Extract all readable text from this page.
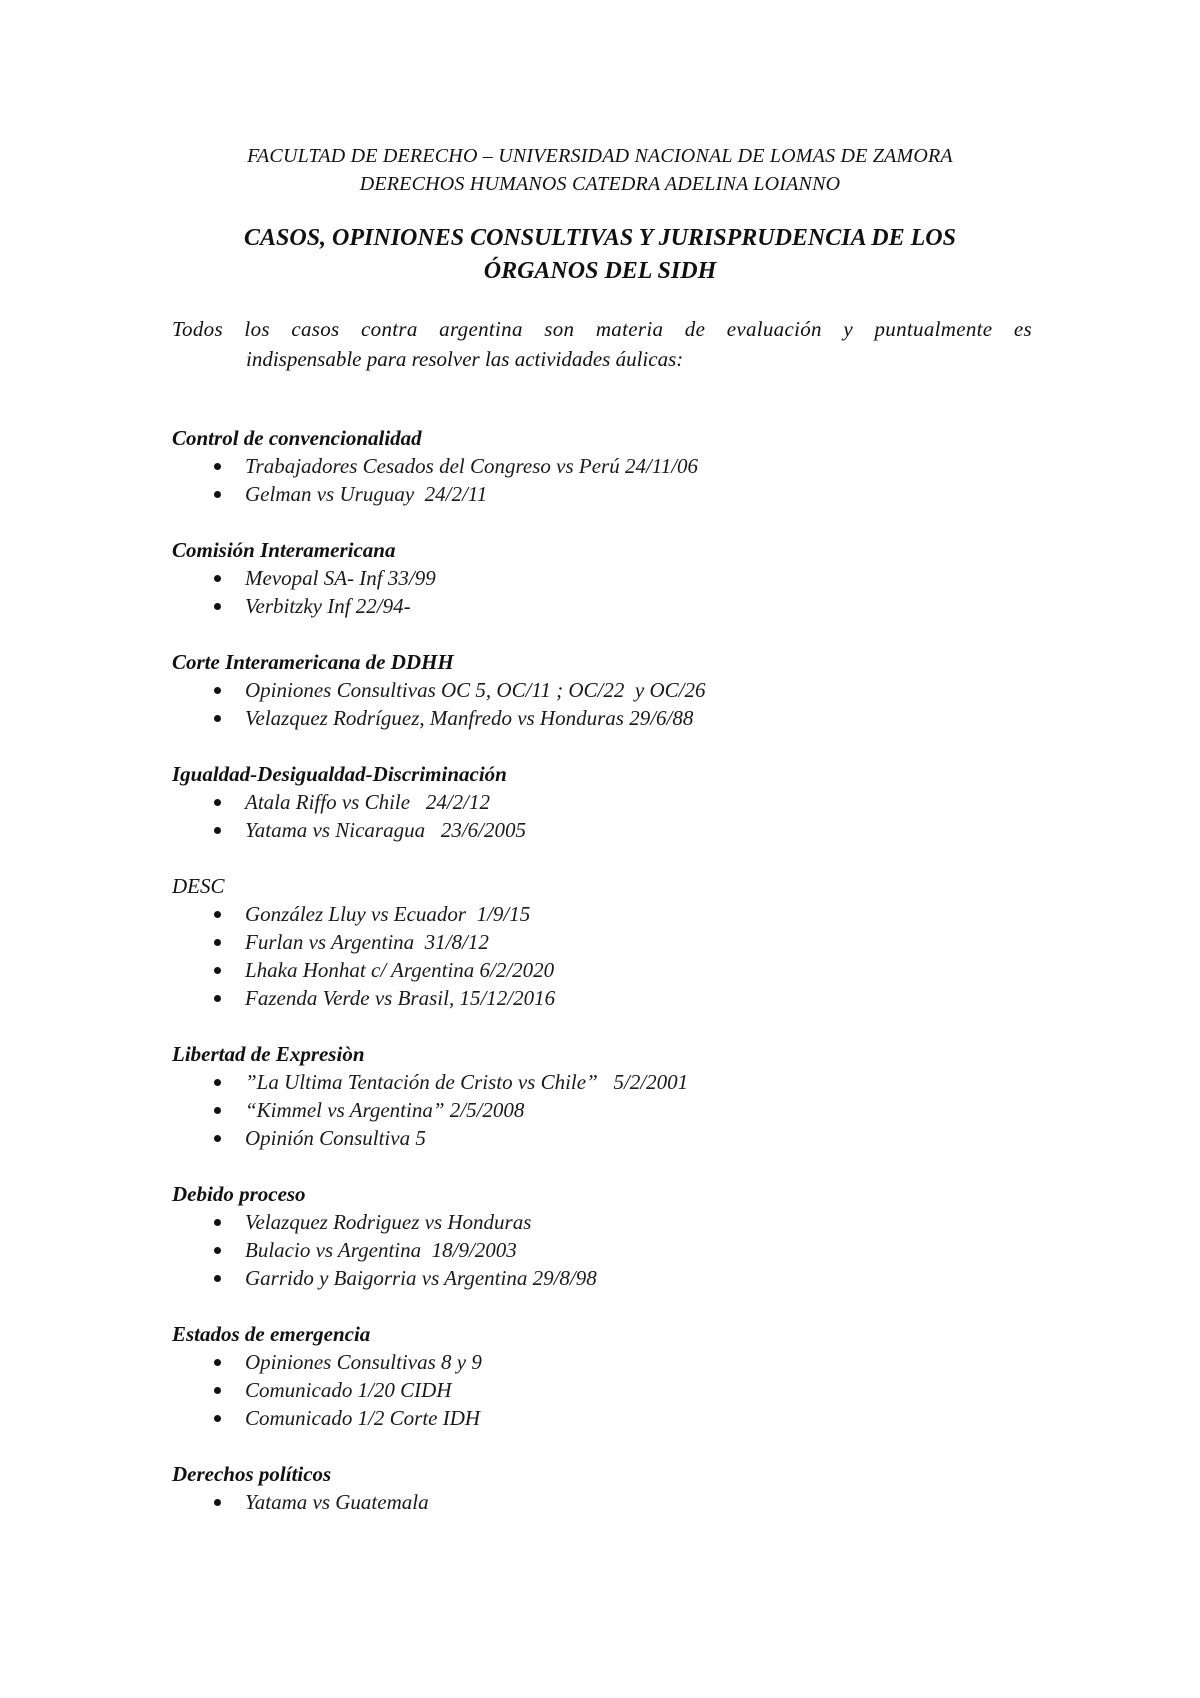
FACULTAD DE DERECHO – UNIVERSIDAD NACIONAL DE LOMAS DE ZAMORA
DERECHOS HUMANOS CATEDRA ADELINA LOIANNO
CASOS, OPINIONES CONSULTIVAS Y JURISPRUDENCIA DE LOS
ÓRGANOS DEL SIDH
Todos los casos contra argentina son materia de evaluación y puntualmente es
indispensable para resolver las actividades áulicas:
Control de convencionalidad
Trabajadores Cesados del Congreso vs Perú 24/11/06
Gelman vs Uruguay  24/2/11
Comisión Interamericana
Mevopal SA- Inf 33/99
Verbitzky Inf 22/94-
Corte Interamericana de DDHH
Opiniones Consultivas OC 5, OC/11 ; OC/22  y OC/26
Velazquez Rodríguez, Manfredo vs Honduras 29/6/88
Igualdad-Desigualdad-Discriminación
Atala Riffo vs Chile   24/2/12
Yatama vs Nicaragua   23/6/2005
DESC
González Lluy vs Ecuador  1/9/15
Furlan vs Argentina  31/8/12
Lhaka Honhat c/ Argentina 6/2/2020
Fazenda Verde vs Brasil, 15/12/2016
Libertad de Expresiòn
”La Ultima Tentación de Cristo vs Chile”   5/2/2001
“Kimmel vs Argentina” 2/5/2008
Opinión Consultiva 5
Debido proceso
Velazquez Rodriguez vs Honduras
Bulacio vs Argentina  18/9/2003
Garrido y Baigorria vs Argentina 29/8/98
Estados de emergencia
Opiniones Consultivas 8 y 9
Comunicado 1/20 CIDH
Comunicado 1/2 Corte IDH
Derechos políticos
Yatama vs Guatemala
